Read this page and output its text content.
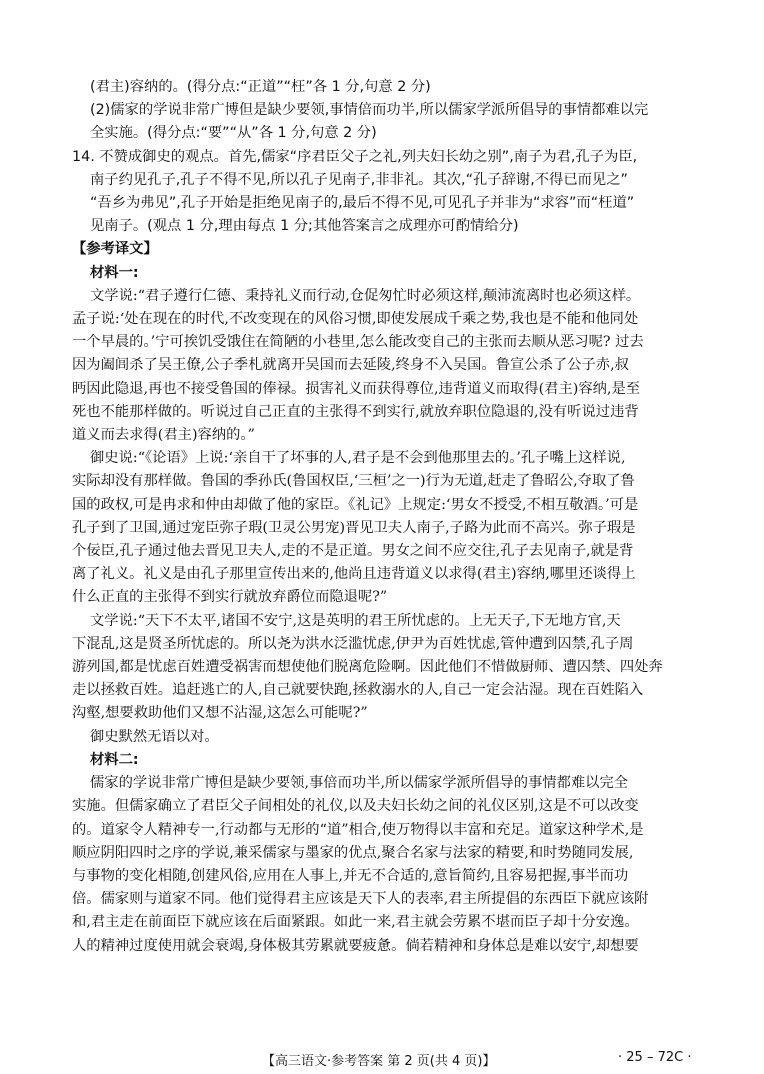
(君主)容纳的。(得分点:“正道”“枉”各 1 分,句意 2 分)

(2)儒家的学说非常广博但是缺少要领,事情倍而功半,所以儒家学派所倡导的事情都难以完

全实施。(得分点:“要”“从”各 1 分,句意 2 分)

14. 不赞成御史的观点。首先,儒家“序君臣父子之礼,列夫妇长幼之别”,南子为君,孔子为臣,

南子约见孔子,孔子不得不见,所以孔子见南子,非非礼。其次,“孔子辞谢,不得已而见之”

“吾乡为弗见”,孔子开始是拒绝见南子的,最后不得不见,可见孔子并非为“求容”而“枉道”

见南子。(观点 1 分,理由每点 1 分;其他答案言之成理亦可酌情给分)

【参考译文】

材料一:

文学说:“君子遵行仁德、秉持礼义而行动,仓促匆忙时必须这样,颠沛流离时也必须这样。

孟子说:‘处在现在的时代,不改变现在的风俗习惯,即使发展成千乘之势,我也是不能和他同处

一个早晨的。’宁可挨饥受饿住在简陋的小巷里,怎么能改变自己的主张而去顺从恶习呢? 过去

因为阖闾杀了吴王僚,公子季札就离开吴国而去延陵,终身不入吴国。鲁宣公杀了公子赤,叔

眄因此隐退,再也不接受鲁国的俸禄。损害礼义而获得尊位,违背道义而取得(君主)容纳,是至

死也不能那样做的。听说过自己正直的主张得不到实行,就放弃职位隐退的,没有听说过违背

道义而去求得(君主)容纳的。”

御史说:“《论语》上说:‘亲自干了坏事的人,君子是不会到他那里去的。’孔子嘴上这样说,

实际却没有那样做。鲁国的季孙氏(鲁国权臣,‘三桓’之一)行为无道,赶走了鲁昭公,夺取了鲁

国的政权,可是冉求和仲由却做了他的家臣。《礼记》上规定:‘男女不授受,不相互敬酒。’可是

孔子到了卫国,通过宠臣弥子瑕(卫灵公男宠)晋见卫夫人南子,子路为此而不高兴。弥子瑕是

个佞臣,孔子通过他去晋见卫夫人,走的不是正道。男女之间不应交往,孔子去见南子,就是背

离了礼义。礼义是由孔子那里宣传出来的,他尚且违背道义以求得(君主)容纳,哪里还谈得上

什么正直的主张得不到实行就放弃爵位而隐退呢?”

文学说:“天下不太平,诸国不安宁,这是英明的君王所忧虑的。上无天子,下无地方官,天

下混乱,这是贤圣所忧虑的。所以尧为洪水泛滥忧虑,伊尹为百姓忧虑,管仲遭到囚禁,孔子周

游列国,都是忧虑百姓遭受祸害而想使他们脱离危险啊。因此他们不惜做厨师、遭囚禁、四处奔

走以拯救百姓。追赶逃亡的人,自己就要快跑,拯救溺水的人,自己一定会沾湿。现在百姓陷入

沟壑,想要救助他们又想不沾湿,这怎么可能呢?”

御史默然无语以对。

材料二:

儒家的学说非常广博但是缺少要领,事倍而功半,所以儒家学派所倡导的事情都难以完全

实施。但儒家确立了君臣父子间相处的礼仪,以及夫妇长幼之间的礼仪区别,这是不可以改变

的。道家令人精神专一,行动都与无形的“道”相合,使万物得以丰富和充足。道家这种学术,是

顺应阴阳四时之序的学说,兼采儒家与墨家的优点,聚合名家与法家的精要,和时势随同发展,

与事物的变化相随,创建风俗,应用在人事上,并无不合适的,意旨简约,且容易把握,事半而功

倍。儒家则与道家不同。他们觉得君主应该是天下人的表率,君主所提倡的东西臣下就应该附

和,君主走在前面臣下就应该在后面紧跟。如此一来,君主就会劳累不堪而臣子却十分安逸。

人的精神过度使用就会衰竭,身体极其劳累就要疲惫。倘若精神和身体总是难以安宁,却想要

【高三语文·参考答案 第 2 页(共 4 页)】	· 25 – 72C ·
